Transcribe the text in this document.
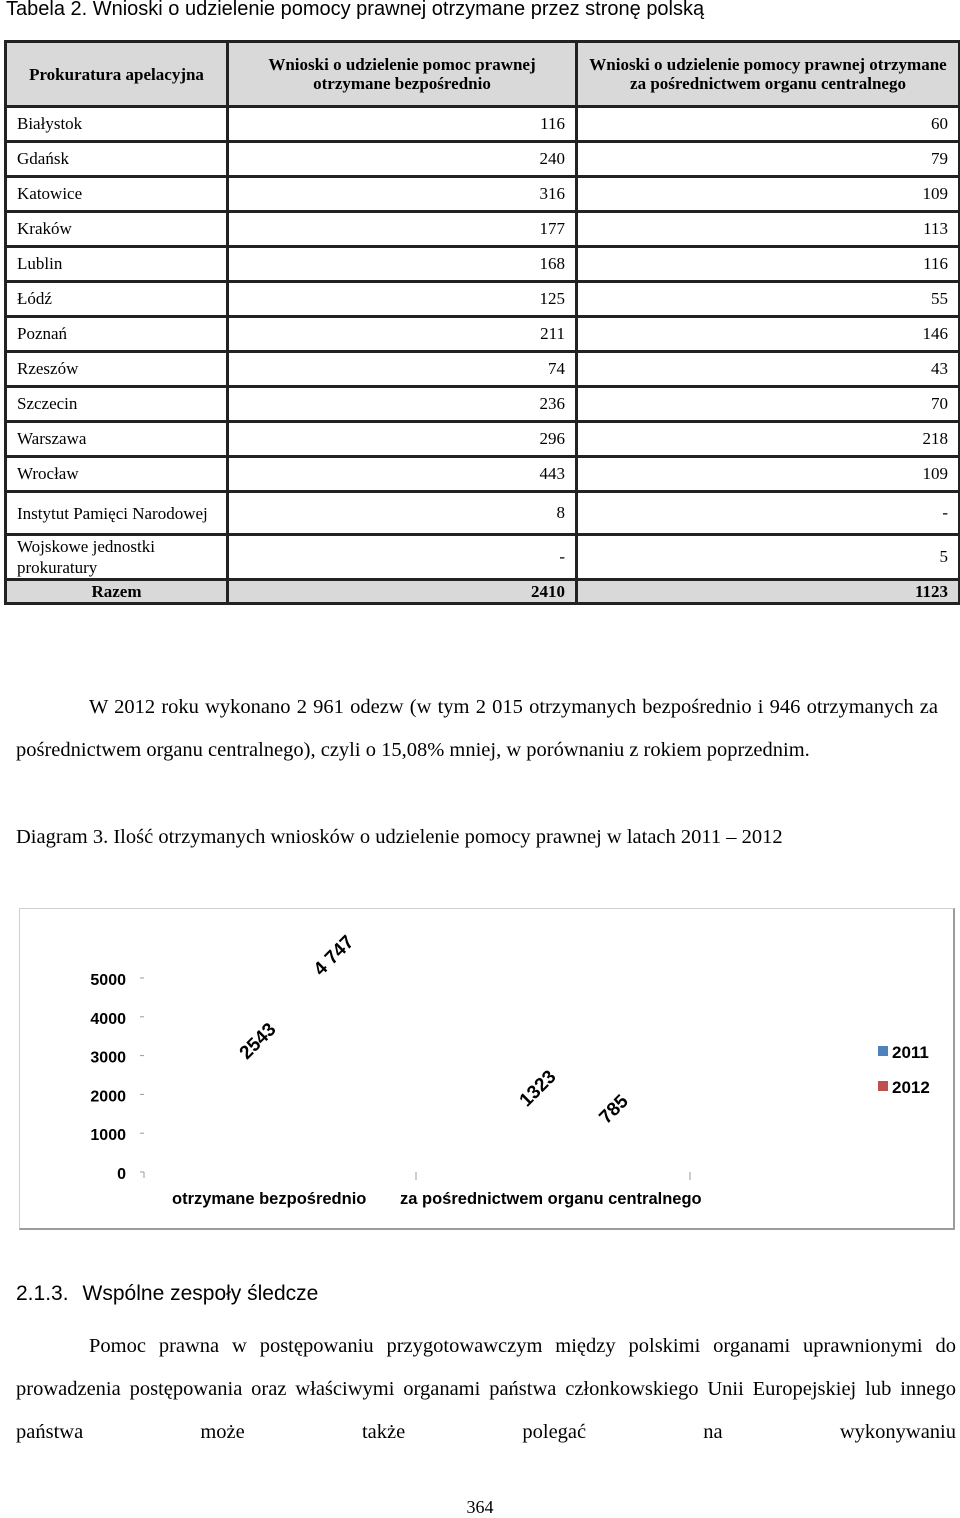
Tabela 2. Wnioski o udzielenie pomocy prawnej otrzymane przez stronę polską
Prokuratura apelacyjna	Wnioski o udzielenie pomoc prawnej otrzymane bezpośrednio	Wnioski o udzielenie pomocy prawnej otrzymane za pośrednictwem organu centralnego
Białystok	116	60
Gdańsk	240	79
Katowice	316	109
Kraków	177	113
Lublin	168	116
Łódź	125	55
Poznań	211	146
Rzeszów	74	43
Szczecin	236	70
Warszawa	296	218
Wrocław	443	109
Instytut Pamięci Narodowej	8	-
Wojskowe jednostki prokuratury	-	5
Razem	2410	1123
W 2012 roku wykonano 2 961 odezw (w tym 2 015 otrzymanych bezpośrednio i 946 otrzymanych za pośrednictwem organu centralnego), czyli o 15,08% mniej, w porównaniu z rokiem poprzednim.
Diagram 3. Ilość otrzymanych wniosków o udzielenie pomocy prawnej w latach 2011 – 2012
0
1000
2000
3000
4000
5000
otrzymane bezpośrednio za pośrednictwem organu centralnego
2543
1323
4 747
785
2011
2012
2.1.3. Wspólne zespoły śledcze
Pomoc prawna w postępowaniu przygotowawczym między polskimi organami uprawnionymi do prowadzenia postępowania oraz właściwymi organami państwa członkowskiego Unii Europejskiej lub innego państwa może także polegać na wykonywaniu
364
